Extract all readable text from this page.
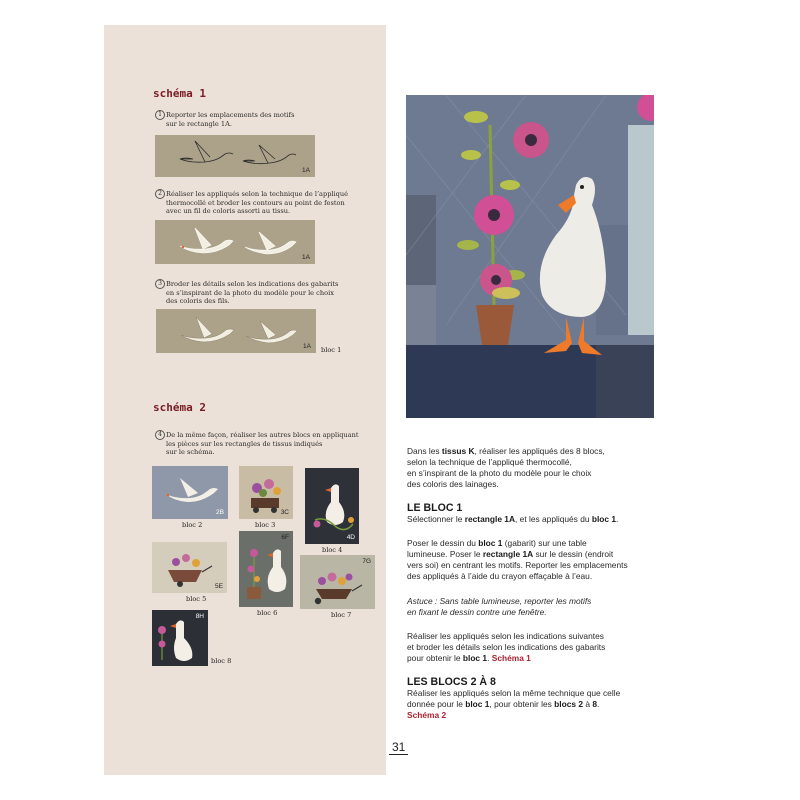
schéma 1
1 Reporter les emplacements des motifs
sur le rectangle 1A.
1A
2 Réaliser les appliqués selon la technique de l’appliqué
thermocollé et broder les contours au point de feston
avec un fil de coloris assorti au tissu.
1A
3 Broder les détails selon les indications des gabarits
en s’inspirant de la photo du modèle pour le choix
des coloris des fils.
1A bloc 1
schéma 2
4 De la même façon, réaliser les autres blocs en appliquant
les pièces sur les rectangles de tissus indiqués
sur le schéma.
2B
bloc 2
3C
bloc 3
4D
bloc 4
5E
bloc 5
6F
bloc 6
7G
bloc 7
8H
bloc 8
Dans les tissus K, réaliser les appliqués des 8 blocs,
selon la technique de l’appliqué thermocollé,
en s’inspirant de la photo du modèle pour le choix
des coloris des lainages.
LE BLOC 1
Sélectionner le rectangle 1A, et les appliqués du bloc 1.
Poser le dessin du bloc 1 (gabarit) sur une table
lumineuse. Poser le rectangle 1A sur le dessin (endroit
vers soi) en centrant les motifs. Reporter les emplacements
des appliqués à l’aide du crayon effaçable à l’eau.
Astuce : Sans table lumineuse, reporter les motifs
en fixant le dessin contre une fenêtre.
Réaliser les appliqués selon les indications suivantes
et broder les détails selon les indications des gabarits
pour obtenir le bloc 1. Schéma 1
LES BLOCS 2 À 8
Réaliser les appliqués selon la même technique que celle
donnée pour le bloc 1, pour obtenir les blocs 2 à 8.
Schéma 2
31
